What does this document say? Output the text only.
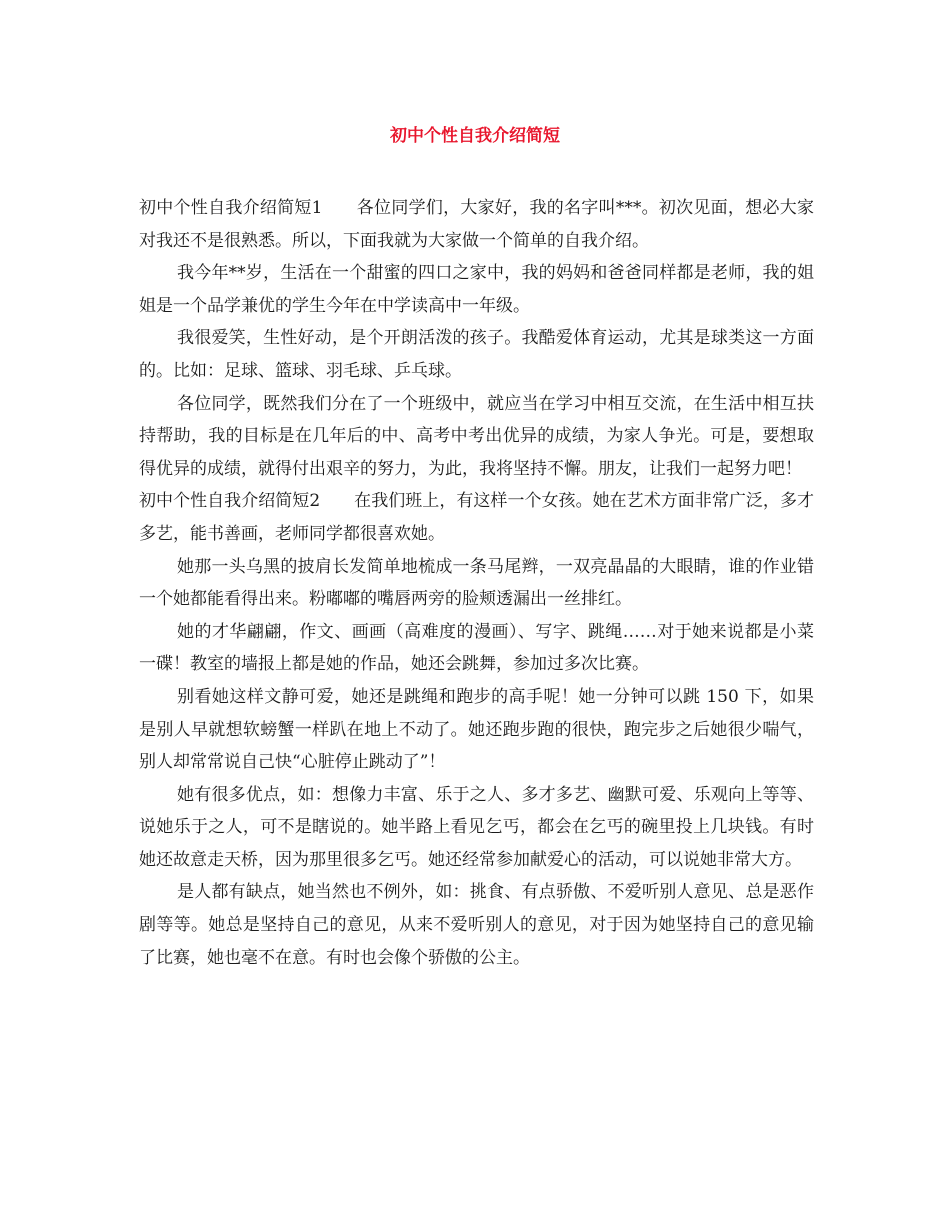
初中个性自我介绍简短

初中个性自我介绍简短1 各位同学们，大家好，我的名字叫***。初次见面，想必大家对我还不是很熟悉。所以，下面我就为大家做一个简单的自我介绍。

我今年**岁，生活在一个甜蜜的四口之家中，我的妈妈和爸爸同样都是老师，我的姐姐是一个品学兼优的学生今年在中学读高中一年级。

我很爱笑，生性好动，是个开朗活泼的孩子。我酷爱体育运动，尤其是球类这一方面的。比如：足球、篮球、羽毛球、乒乓球。

各位同学，既然我们分在了一个班级中，就应当在学习中相互交流，在生活中相互扶持帮助，我的目标是在几年后的中、高考中考出优异的成绩，为家人争光。可是，要想取得优异的成绩，就得付出艰辛的努力，为此，我将坚持不懈。朋友，让我们一起努力吧！

初中个性自我介绍简短2 在我们班上，有这样一个女孩。她在艺术方面非常广泛，多才多艺，能书善画，老师同学都很喜欢她。

她那一头乌黑的披肩长发简单地梳成一条马尾辫，一双亮晶晶的大眼睛，谁的作业错一个她都能看得出来。粉嘟嘟的嘴唇两旁的脸颊透漏出一丝排红。

她的才华翩翩，作文、画画（高难度的漫画）、写字、跳绳……对于她来说都是小菜一碟！教室的墙报上都是她的作品，她还会跳舞，参加过多次比赛。

别看她这样文静可爱，她还是跳绳和跑步的高手呢！她一分钟可以跳 150 下，如果是别人早就想软螃蟹一样趴在地上不动了。她还跑步跑的很快，跑完步之后她很少喘气，别人却常常说自己快“心脏停止跳动了”！

她有很多优点，如：想像力丰富、乐于之人、多才多艺、幽默可爱、乐观向上等等、说她乐于之人，可不是瞎说的。她半路上看见乞丐，都会在乞丐的碗里投上几块钱。有时她还故意走天桥，因为那里很多乞丐。她还经常参加献爱心的活动，可以说她非常大方。

是人都有缺点，她当然也不例外，如：挑食、有点骄傲、不爱听别人意见、总是恶作剧等等。她总是坚持自己的意见，从来不爱听别人的意见，对于因为她坚持自己的意见输了比赛，她也毫不在意。有时也会像个骄傲的公主。
